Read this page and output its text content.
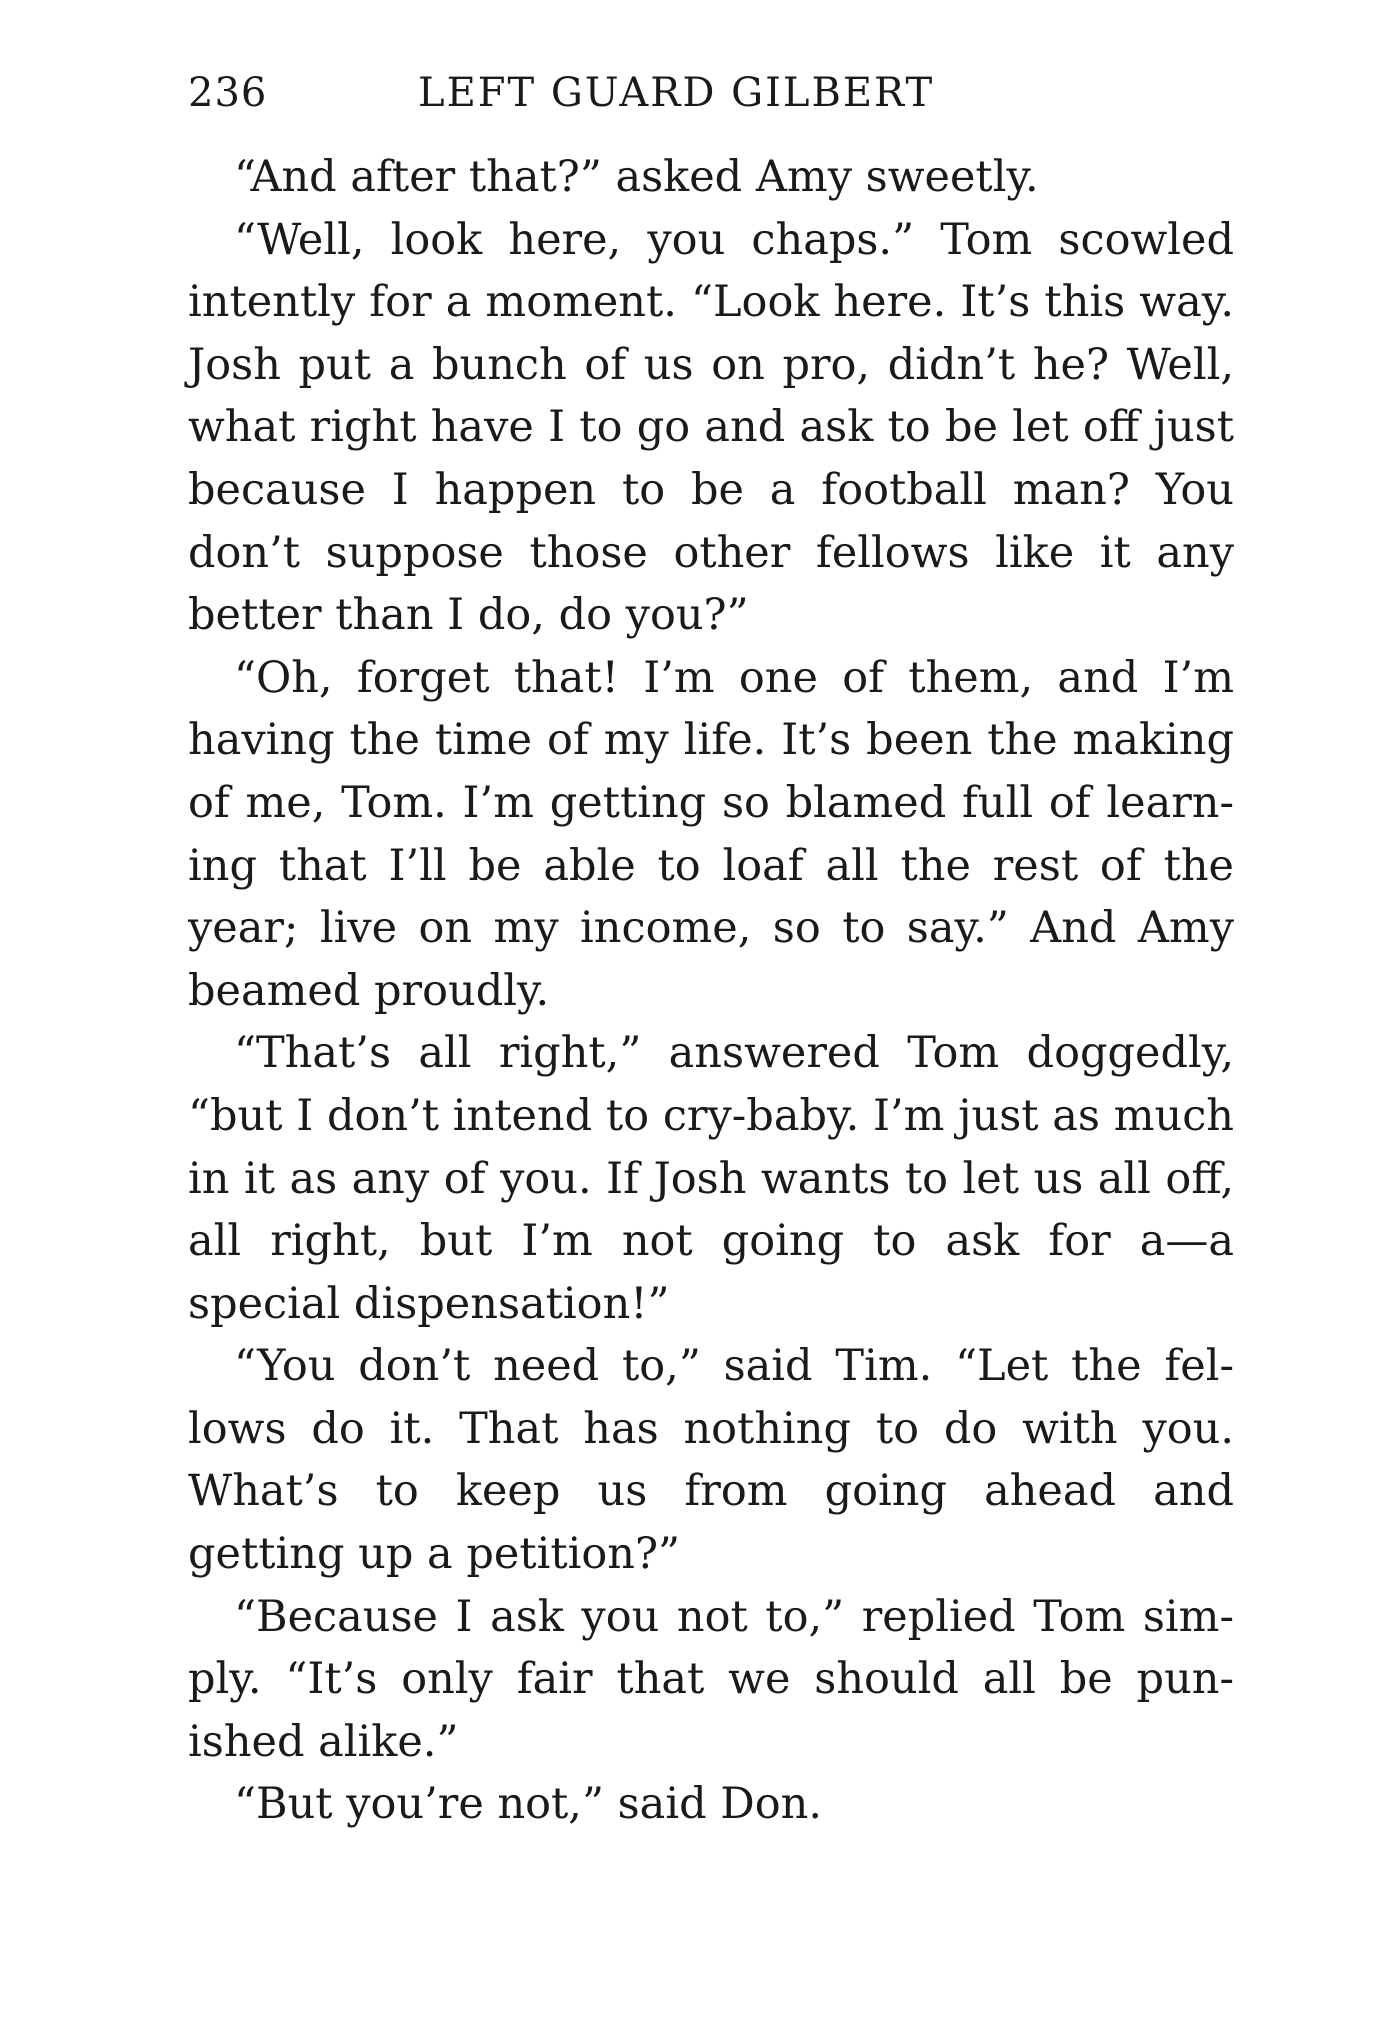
236	LEFT GUARD GILBERT

“And after that?” asked Amy sweetly.

“Well, look here, you chaps.” Tom scowled intently for a moment. “Look here. It’s this way. Josh put a bunch of us on pro, didn’t he? Well, what right have I to go and ask to be let off just because I happen to be a football man? You don’t suppose those other fellows like it any better than I do, do you?”

“Oh, forget that! I’m one of them, and I’m having the time of my life. It’s been the making of me, Tom. I’m getting so blamed full of learning that I’ll be able to loaf all the rest of the year; live on my income, so to say.” And Amy beamed proudly.

“That’s all right,” answered Tom doggedly, “but I don’t intend to cry-baby. I’m just as much in it as any of you. If Josh wants to let us all off, all right, but I’m not going to ask for a—a special dispensation!”

“You don’t need to,” said Tim. “Let the fellows do it. That has nothing to do with you. What’s to keep us from going ahead and getting up a petition?”

“Because I ask you not to,” replied Tom simply. “It’s only fair that we should all be punished alike.”

“But you’re not,” said Don.
